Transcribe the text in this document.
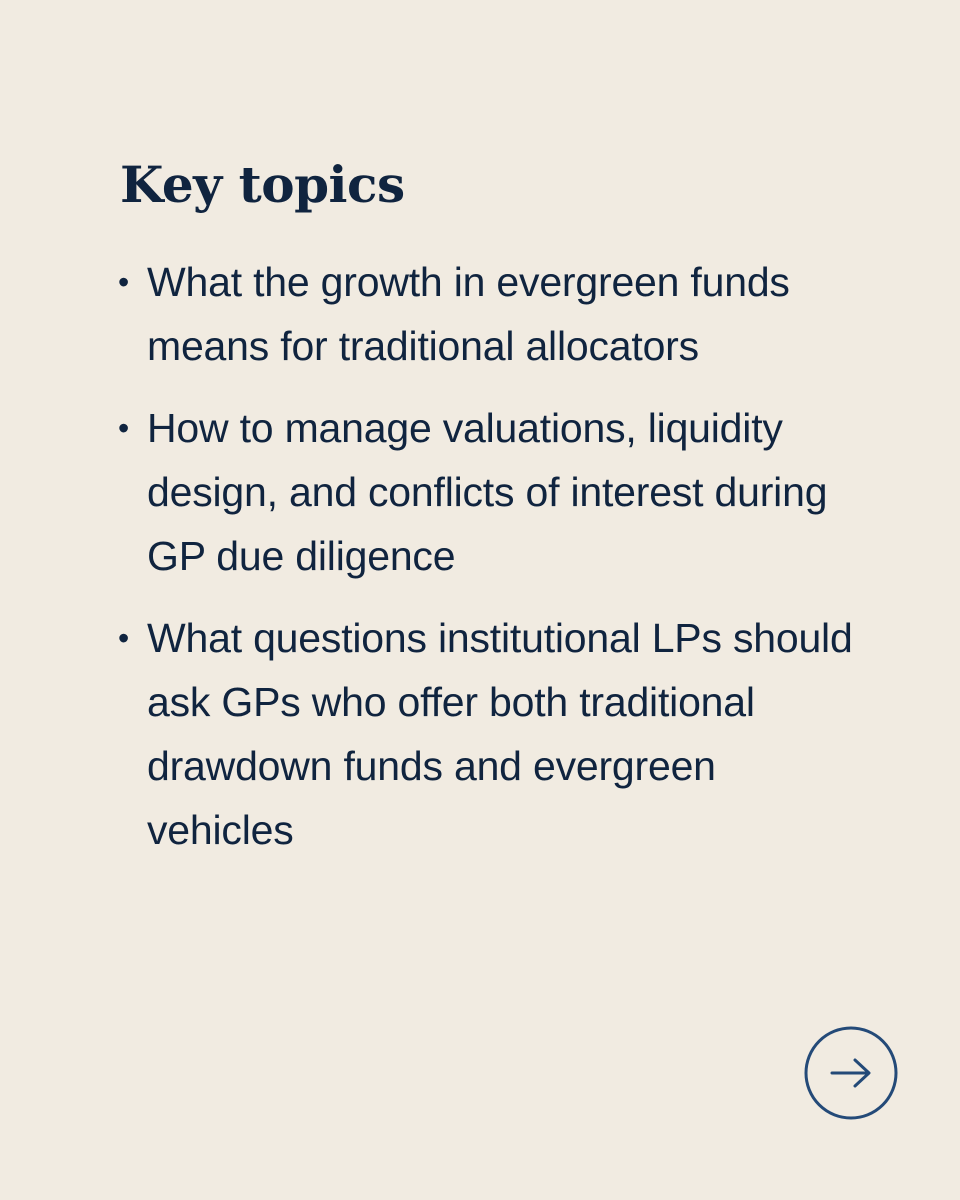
Key topics
• What the growth in evergreen funds means for traditional allocators
• How to manage valuations, liquidity design, and conflicts of interest during GP due diligence
• What questions institutional LPs should ask GPs who offer both traditional drawdown funds and evergreen vehicles
